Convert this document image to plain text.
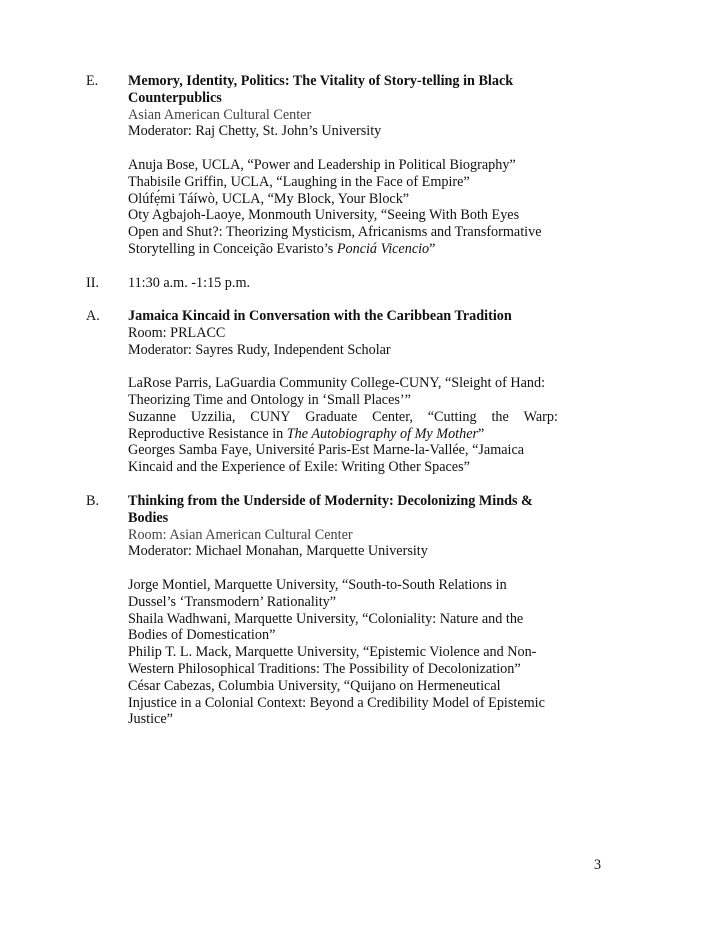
E.	Memory, Identity, Politics: The Vitality of Story-telling in Black
Counterpublics
Asian American Cultural Center
Moderator: Raj Chetty, St. John’s University
Anuja Bose, UCLA, “Power and Leadership in Political Biography”
Thabisile Griffin, UCLA, “Laughing in the Face of Empire”
Olúfẹ́mi Táíwò, UCLA, “My Block, Your Block”
Oty Agbajoh-Laoye, Monmouth University, “Seeing With Both Eyes
Open and Shut?: Theorizing Mysticism, Africanisms and Transformative
Storytelling in Conceição Evaristo’s Ponciá Vicencio”
II.	11:30 a.m. -1:15 p.m.
A.	Jamaica Kincaid in Conversation with the Caribbean Tradition
Room: PRLACC
Moderator: Sayres Rudy, Independent Scholar
LaRose Parris, LaGuardia Community College-CUNY, “Sleight of Hand:
Theorizing Time and Ontology in ‘Small Places’”
Suzanne Uzzilia, CUNY Graduate Center, “Cutting the Warp:
Reproductive Resistance in The Autobiography of My Mother”
Georges Samba Faye, Université Paris-Est Marne-la-Vallée, “Jamaica
Kincaid and the Experience of Exile: Writing Other Spaces”
B.	Thinking from the Underside of Modernity: Decolonizing Minds &
Bodies
Room: Asian American Cultural Center
Moderator: Michael Monahan, Marquette University
Jorge Montiel, Marquette University, “South-to-South Relations in
Dussel’s ‘Transmodern’ Rationality”
Shaila Wadhwani, Marquette University, “Coloniality: Nature and the
Bodies of Domestication”
Philip T. L. Mack, Marquette University, “Epistemic Violence and Non-
Western Philosophical Traditions: The Possibility of Decolonization”
César Cabezas, Columbia University, “Quijano on Hermeneutical
Injustice in a Colonial Context: Beyond a Credibility Model of Epistemic
Justice”
3
